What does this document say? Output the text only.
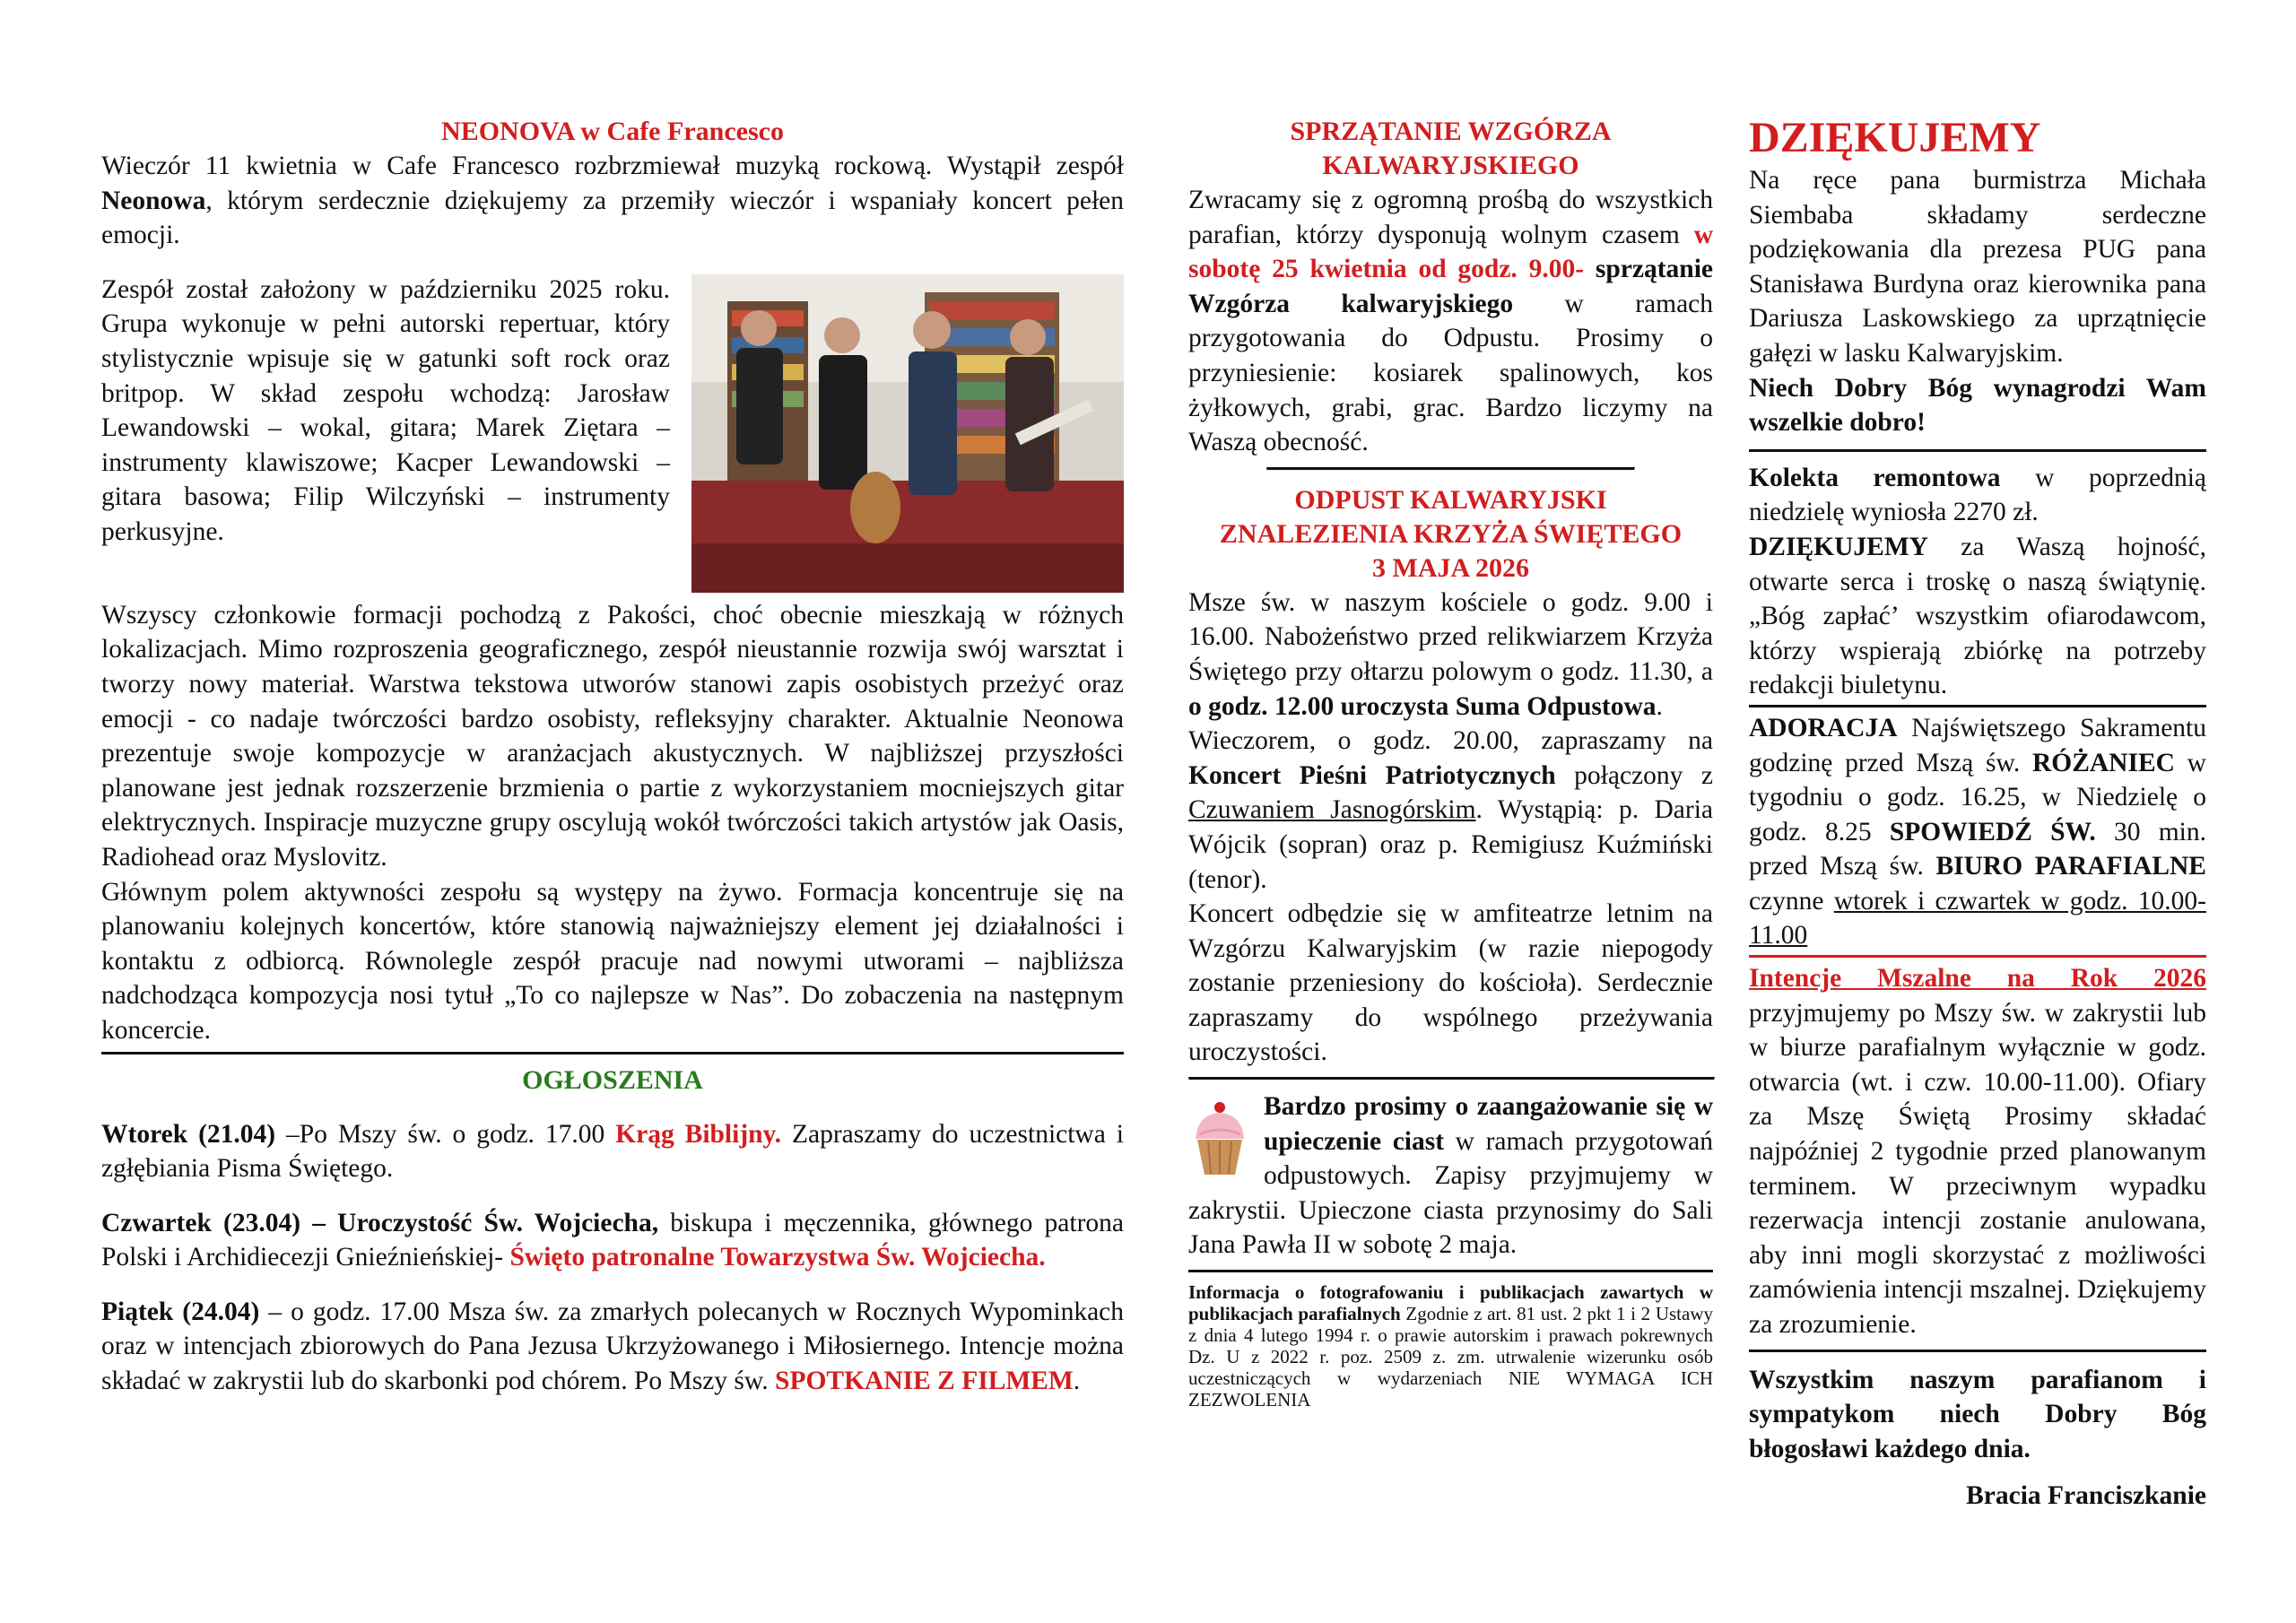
NEONOVA w Cafe Francesco

Wieczór 11 kwietnia w Cafe Francesco rozbrzmiewał muzyką rockową. Wystąpił zespół Neonowa, którym serdecznie dziękujemy za przemiły wieczór i wspaniały koncert pełen emocji.

Zespół został założony w październiku 2025 roku. Grupa wykonuje w pełni autorski repertuar, który stylistycznie wpisuje się w gatunki soft rock oraz britpop. W skład zespołu wchodzą: Jarosław Lewandowski – wokal, gitara; Marek Ziętara – instrumenty klawiszowe; Kacper Lewandowski – gitara basowa; Filip Wilczyński – instrumenty perkusyjne.

Wszyscy członkowie formacji pochodzą z Pakości, choć obecnie mieszkają w różnych lokalizacjach. Mimo rozproszenia geograficznego, zespół nieustannie rozwija swój warsztat i tworzy nowy materiał. Warstwa tekstowa utworów stanowi zapis osobistych przeżyć oraz emocji - co nadaje twórczości bardzo osobisty, refleksyjny charakter. Aktualnie Neonowa prezentuje swoje kompozycje w aranżacjach akustycznych. W najbliższej przyszłości planowane jest jednak rozszerzenie brzmienia o partie z wykorzystaniem mocniejszych gitar elektrycznych. Inspiracje muzyczne grupy oscylują wokół twórczości takich artystów jak Oasis, Radiohead oraz Myslovitz.

Głównym polem aktywności zespołu są występy na żywo. Formacja koncentruje się na planowaniu kolejnych koncertów, które stanowią najważniejszy element jej działalności i kontaktu z odbiorcą. Równolegle zespół pracuje nad nowymi utworami – najbliższa nadchodząca kompozycja nosi tytuł „To co najlepsze w Nas”. Do zobaczenia na następnym koncercie.

OGŁOSZENIA

Wtorek (21.04) –Po Mszy św. o godz. 17.00 Krąg Biblijny. Zapraszamy do uczestnictwa i zgłębiania Pisma Świętego.

Czwartek (23.04) – Uroczystość Św. Wojciecha, biskupa i męczennika, głównego patrona Polski i Archidiecezji Gnieźnieńskiej- Święto patronalne Towarzystwa Św. Wojciecha.

Piątek (24.04) – o godz. 17.00 Msza św. za zmarłych polecanych w Rocznych Wypominkach oraz w intencjach zbiorowych do Pana Jezusa Ukrzyżowanego i Miłosiernego. Intencje można składać w zakrystii lub do skarbonki pod chórem. Po Mszy św. SPOTKANIE Z FILMEM.

SPRZĄTANIE WZGÓRZA
KALWARYJSKIEGO

Zwracamy się z ogromną prośbą do wszystkich parafian, którzy dysponują wolnym czasem w sobotę 25 kwietnia od godz. 9.00- sprzątanie Wzgórza kalwaryjskiego w ramach przygotowania do Odpustu. Prosimy o przyniesienie: kosiarek spalinowych, kos żyłkowych, grabi, grac. Bardzo liczymy na Waszą obecność.

ODPUST KALWARYJSKI
ZNALEZIENIA KRZYŻA ŚWIĘTEGO
3 MAJA 2026

Msze św. w naszym kościele o godz. 9.00 i 16.00. Nabożeństwo przed relikwiarzem Krzyża Świętego przy ołtarzu polowym o godz. 11.30, a o godz. 12.00 uroczysta Suma Odpustowa.

Wieczorem, o godz. 20.00, zapraszamy na Koncert Pieśni Patriotycznych połączony z Czuwaniem Jasnogórskim. Wystąpią: p. Daria Wójcik (sopran) oraz p. Remigiusz Kuźmiński (tenor).

Koncert odbędzie się w amfiteatrze letnim na Wzgórzu Kalwaryjskim (w razie niepogody zostanie przeniesiony do kościoła). Serdecznie zapraszamy do wspólnego przeżywania uroczystości.

Bardzo prosimy o zaangażowanie się w upieczenie ciast w ramach przygotowań odpustowych. Zapisy przyjmujemy w zakrystii. Upieczone ciasta przynosimy do Sali Jana Pawła II w sobotę 2 maja.

Informacja o fotografowaniu i publikacjach zawartych w publikacjach parafialnych Zgodnie z art. 81 ust. 2 pkt 1 i 2 Ustawy z dnia 4 lutego 1994 r. o prawie autorskim i prawach pokrewnych Dz. U z 2022 r. poz. 2509 z. zm. utrwalenie wizerunku osób uczestniczących w wydarzeniach NIE WYMAGA ICH ZEZWOLENIA

DZIĘKUJEMY

Na ręce pana burmistrza Michała Siembaba składamy serdeczne podziękowania dla prezesa PUG pana Stanisława Burdyna oraz kierownika pana Dariusza Laskowskiego za uprzątnięcie gałęzi w lasku Kalwaryjskim.

Niech Dobry Bóg wynagrodzi Wam wszelkie dobro!

Kolekta remontowa w poprzednią niedzielę wyniosła 2270 zł.

DZIĘKUJEMY za Waszą hojność, otwarte serca i troskę o naszą świątynię. „Bóg zapłać’ wszystkim ofiarodawcom, którzy wspierają zbiórkę na potrzeby redakcji biuletynu.

ADORACJA Najświętszego Sakramentu godzinę przed Mszą św. RÓŻANIEC w tygodniu o godz. 16.25, w Niedzielę o godz. 8.25 SPOWIEDŹ ŚW. 30 min. przed Mszą św. BIURO PARAFIALNE czynne wtorek i czwartek w godz. 10.00-11.00

Intencje Mszalne na Rok 2026 przyjmujemy po Mszy św. w zakrystii lub w biurze parafialnym wyłącznie w godz. otwarcia (wt. i czw. 10.00-11.00). Ofiary za Mszę Świętą Prosimy składać najpóźniej 2 tygodnie przed planowanym terminem. W przeciwnym wypadku rezerwacja intencji zostanie anulowana, aby inni mogli skorzystać z możliwości zamówienia intencji mszalnej. Dziękujemy za zrozumienie.

Wszystkim naszym parafianom i sympatykom niech Dobry Bóg błogosławi każdego dnia.

Bracia Franciszkanie
